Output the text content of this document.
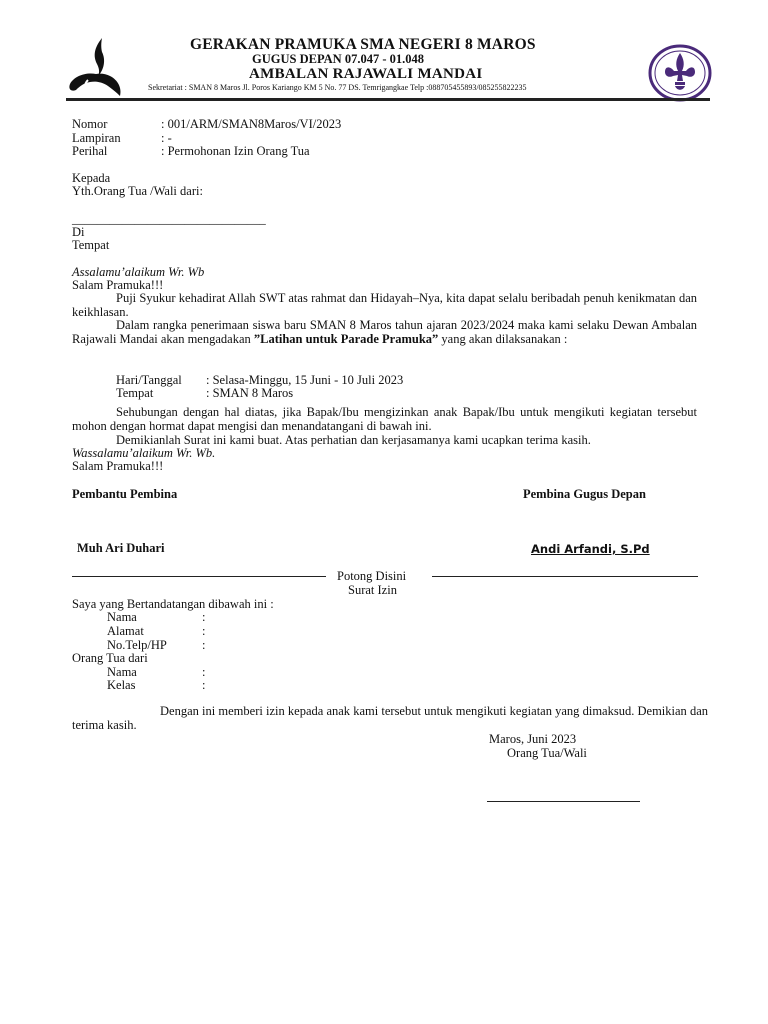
GERAKAN PRAMUKA SMA NEGERI 8 MAROS
GUGUS DEPAN 07.047 - 01.048
AMBALAN RAJAWALI MANDAI
Sekretariat : SMAN 8 Maros Jl. Poros Kariango KM 5 No. 77 DS. Temrigangkae Telp :088705455893/085255822235
Nomor	: 001/ARM/SMAN8Maros/VI/2023
Lampiran	: -
Perihal	: Permohonan Izin Orang Tua
Kepada
Yth.Orang Tua /Wali dari:
_______________________________
Di
Tempat
Assalamu’alaikum Wr. Wb
Salam Pramuka!!!
Puji Syukur kehadirat Allah SWT atas rahmat dan Hidayah–Nya, kita dapat selalu beribadah penuh kenikmatan dan keikhlasan.
Dalam rangka penerimaan siswa baru SMAN 8 Maros tahun ajaran 2023/2024 maka kami selaku Dewan Ambalan Rajawali Mandai akan mengadakan ”Latihan untuk Parade Pramuka” yang akan dilaksanakan :
Hari/Tanggal : Selasa-Minggu, 15 Juni - 10 Juli 2023
Tempat	: SMAN 8 Maros
Sehubungan dengan hal diatas, jika Bapak/Ibu mengizinkan anak Bapak/Ibu untuk mengikuti kegiatan tersebut mohon dengan hormat dapat mengisi dan menandatangani di bawah ini.
Demikianlah Surat ini kami buat. Atas perhatian dan kerjasamanya kami ucapkan terima kasih.
Wassalamu’alaikum Wr. Wb.
Salam Pramuka!!!
Pembantu Pembina	Pembina Gugus Depan
Muh Ari Duhari	Andi Arfandi, S.Pd
Potong Disini
Surat Izin
Saya yang Bertandatangan dibawah ini :
Nama	:
Alamat	:
No.Telp/HP	:
Orang Tua dari
Nama	:
Kelas	:
Dengan ini memberi izin kepada anak kami tersebut untuk mengikuti kegiatan yang dimaksud. Demikian dan terima kasih.
Maros, Juni 2023
Orang Tua/Wali
